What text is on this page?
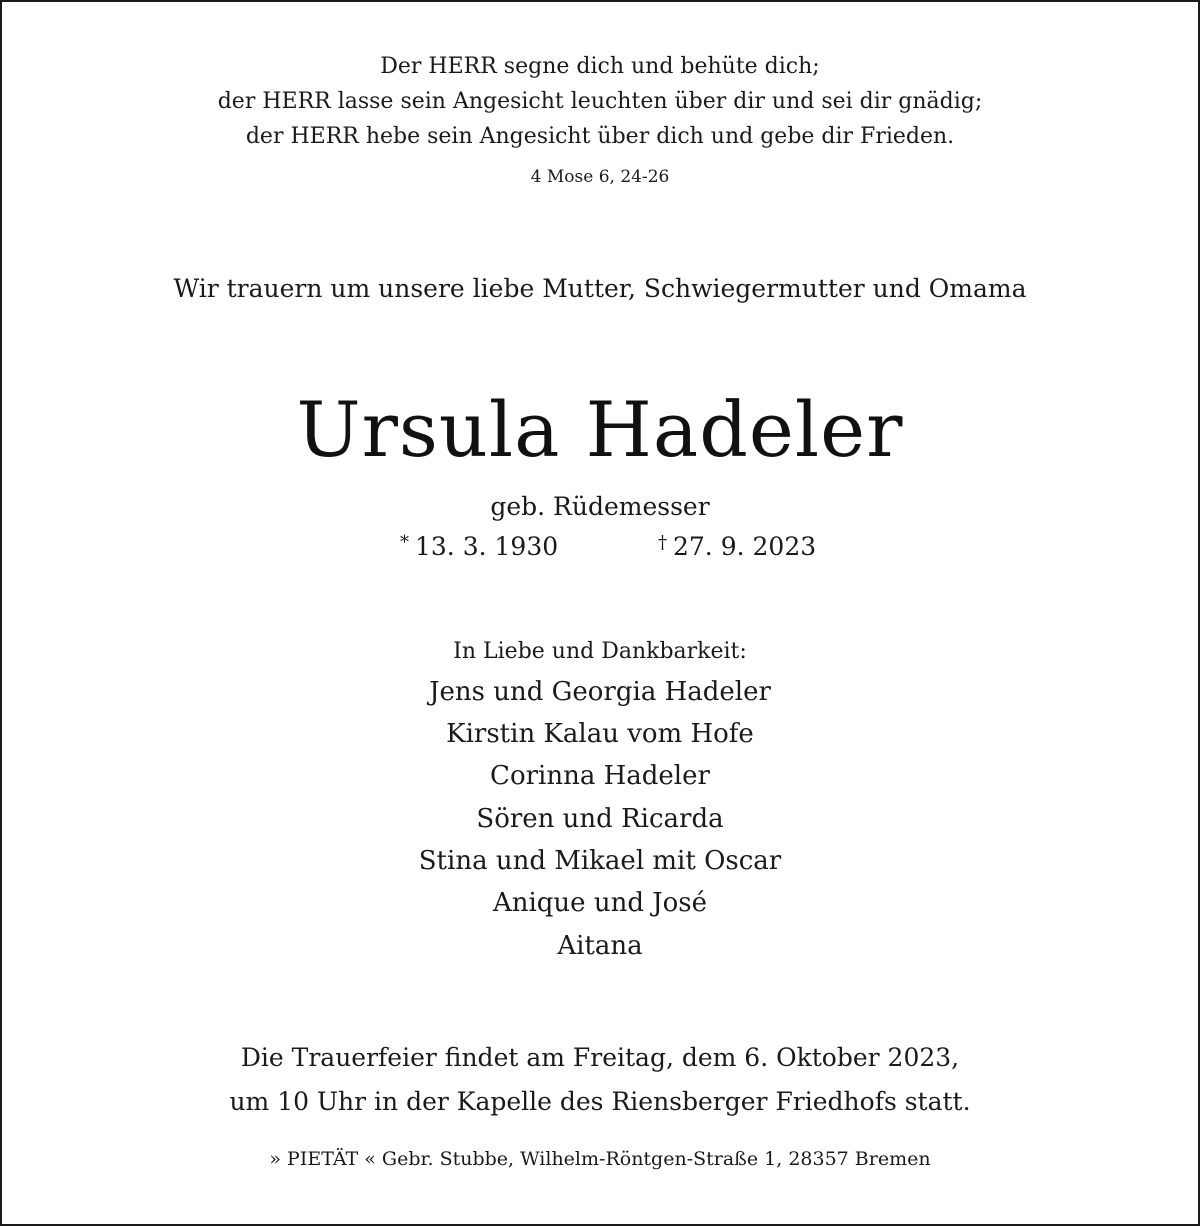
Der HERR segne dich und behüte dich;
der HERR lasse sein Angesicht leuchten über dir und sei dir gnädig;
der HERR hebe sein Angesicht über dich und gebe dir Frieden.
4 Mose 6, 24-26
Wir trauern um unsere liebe Mutter, Schwiegermutter und Omama
Ursula Hadeler
geb. Rüdemesser
* 13. 3. 1930	† 27. 9. 2023
In Liebe und Dankbarkeit:
Jens und Georgia Hadeler
Kirstin Kalau vom Hofe
Corinna Hadeler
Sören und Ricarda
Stina und Mikael mit Oscar
Anique und José
Aitana
Die Trauerfeier findet am Freitag, dem 6. Oktober 2023,
um 10 Uhr in der Kapelle des Riensberger Friedhofs statt.
» PIETÄT « Gebr. Stubbe, Wilhelm-Röntgen-Straße 1, 28357 Bremen
